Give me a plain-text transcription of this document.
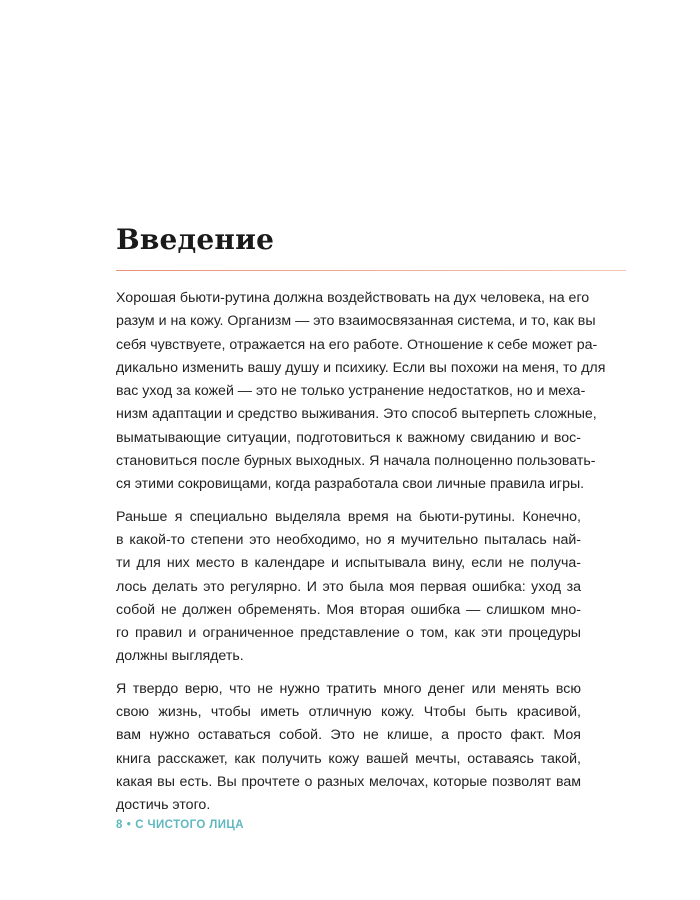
Введение

Хорошая бьюти-рутина должна воздействовать на дух человека, на его
разум и на кожу. Организм — это взаимосвязанная система, и то, как вы
себя чувствуете, отражается на его работе. Отношение к себе может ра-
дикально изменить вашу душу и психику. Если вы похожи на меня, то для
вас уход за кожей — это не только устранение недостатков, но и меха-
низм адаптации и средство выживания. Это способ вытерпеть сложные,
выматывающие ситуации, подготовиться к важному свиданию и вос-
становиться после бурных выходных. Я начала полноценно пользовать-
ся этими сокровищами, когда разработала свои личные правила игры.

Раньше я специально выделяла время на бьюти-рутины. Конечно,
в какой-то степени это необходимо, но я мучительно пыталась най-
ти для них место в календаре и испытывала вину, если не получа-
лось делать это регулярно. И это была моя первая ошибка: уход за
собой не должен обременять. Моя вторая ошибка — слишком мно-
го правил и ограниченное представление о том, как эти процедуры
должны выглядеть.

Я твердо верю, что не нужно тратить много денег или менять всю
свою жизнь, чтобы иметь отличную кожу. Чтобы быть красивой,
вам нужно оставаться собой. Это не клише, а просто факт. Моя
книга расскажет, как получить кожу вашей мечты, оставаясь такой,
какая вы есть. Вы прочтете о разных мелочах, которые позволят вам
достичь этого.

8 • С ЧИСТОГО ЛИЦА
